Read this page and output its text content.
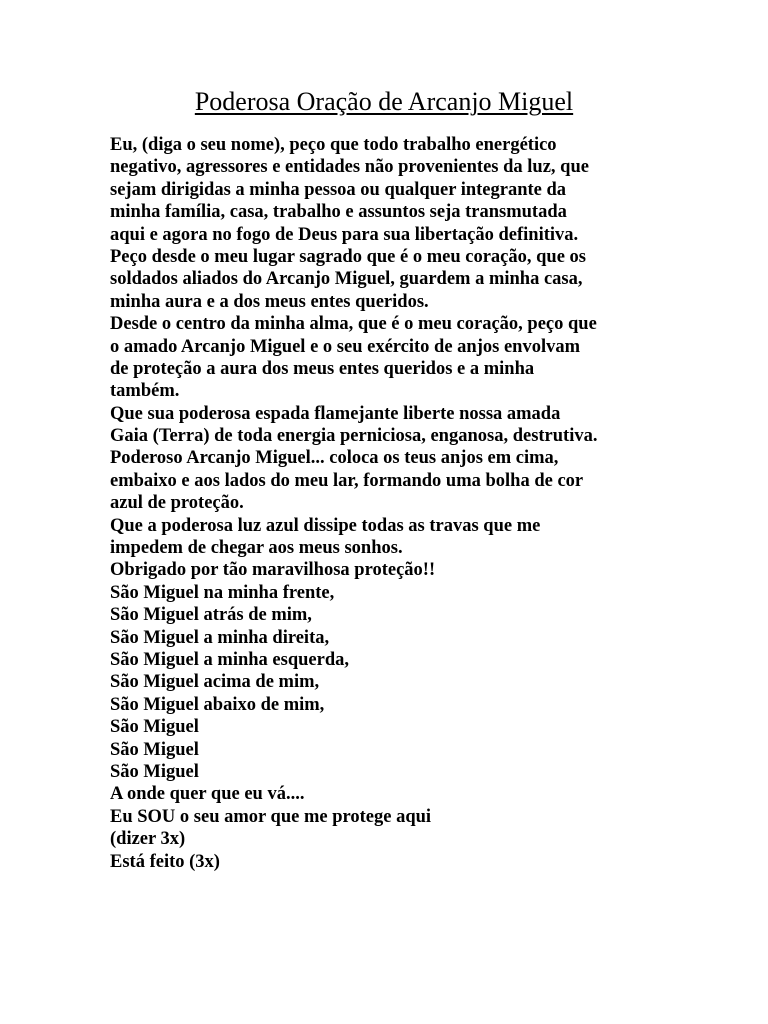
Poderosa Oração de Arcanjo Miguel
Eu, (diga o seu nome), peço que todo trabalho energético
negativo, agressores e entidades não provenientes da luz, que
sejam dirigidas a minha pessoa ou qualquer integrante da
minha família, casa, trabalho e assuntos seja transmutada
aqui e agora no fogo de Deus para sua libertação definitiva.
Peço desde o meu lugar sagrado que é o meu coração, que os
soldados aliados do Arcanjo Miguel, guardem a minha casa,
minha aura e a dos meus entes queridos.
Desde o centro da minha alma, que é o meu coração, peço que
o amado Arcanjo Miguel e o seu exército de anjos envolvam
de proteção a aura dos meus entes queridos e a minha
também.
Que sua poderosa espada flamejante liberte nossa amada
Gaia (Terra) de toda energia perniciosa, enganosa, destrutiva.
Poderoso Arcanjo Miguel... coloca os teus anjos em cima,
embaixo e aos lados do meu lar, formando uma bolha de cor
azul de proteção.
Que a poderosa luz azul dissipe todas as travas que me
impedem de chegar aos meus sonhos.
Obrigado por tão maravilhosa proteção!!
São Miguel na minha frente,
São Miguel atrás de mim,
São Miguel a minha direita,
São Miguel a minha esquerda,
São Miguel acima de mim,
São Miguel abaixo de mim,
São Miguel
São Miguel
São Miguel
A onde quer que eu vá....
Eu SOU o seu amor que me protege aqui
(dizer 3x)
Está feito (3x)
